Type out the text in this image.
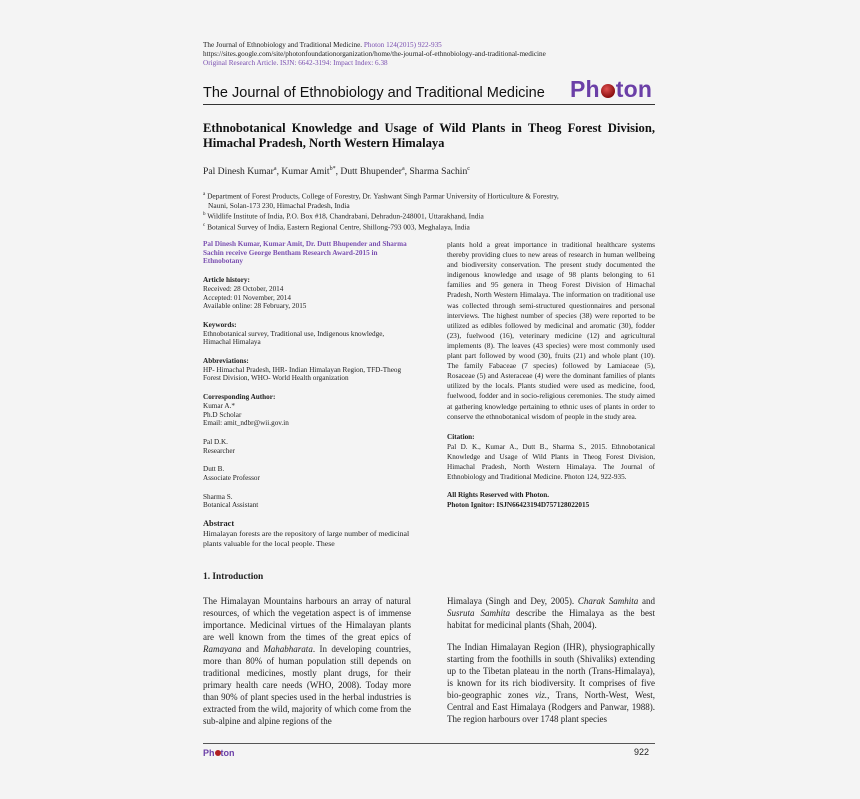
The Journal of Ethnobiology and Traditional Medicine. Photon 124(2015) 922-935
https://sites.google.com/site/photonfoundationorganization/home/the-journal-of-ethnobiology-and-traditional-medicine
Original Research Article. ISJN: 6642-3194: Impact Index: 6.38
The Journal of Ethnobiology and Traditional Medicine Ph ton
Ethnobotanical Knowledge and Usage of Wild Plants in Theog Forest Division, Himachal Pradesh, North Western Himalaya
Pal Dinesh Kumar$^a$, Kumar Amit$^{b*}$, Dutt Bhupender$^a$, Sharma Sachin$^c$

$^a$ Department of Forest Products, College of Forestry, Dr. Yashwant Singh Parmar University of Horticulture & Forestry,

Nauni, Solan-173 230, Himachal Pradesh, India

$^b$ Wildlife Institute of India, P.O. Box #18, Chandrabani, Dehradun-248001, Uttarakhand, India

$^c$ Botanical Survey of India, Eastern Regional Centre, Shillong-793 003, Meghalaya, India

Pal Dinesh Kumar, Kumar Amit, Dr. Dutt Bhupender and Sharma Sachin receive George Bentham Research Award-2015 in Ethnobotany

Article history:

Received: 28 October, 2014

Accepted: 01 November, 2014

Available online: 28 February, 2015

Keywords:

Ethnobotanical survey, Traditional use, Indigenous knowledge, Himachal Himalaya

Abbreviations:

HP- Himachal Pradesh, IHR- Indian Himalayan Region, TFD-Theog Forest Division, WHO- World Health organization

Corresponding Author:

Kumar A.*

Ph.D Scholar

Email: amit_ndbr@wii.gov.in

Pal D.K.

Researcher

Dutt B.

Associate Professor

Sharma S.

Botanical Assistant

Abstract

Himalayan forests are the repository of large number of medicinal plants valuable for the local people. These

plants hold a great importance in traditional healthcare systems thereby providing clues to new areas of research in human wellbeing and biodiversity conservation. The present study documented the indigenous knowledge and usage of 98 plants belonging to 61 families and 95 genera in Theog Forest Division of Himachal Pradesh, North Western Himalaya. The information on traditional use was collected through semi-structured questionnaires and personal interviews. The highest number of species (38) were reported to be utilized as edibles followed by medicinal and aromatic (30), fodder (23), fuelwood (16), veterinary medicine (12) and agricultural implements (8). The leaves (43 species) were most commonly used plant part followed by wood (30), fruits (21) and whole plant (10). The family Fabaceae (7 species) followed by Lamiaceae (5), Rosaceae (5) and Asteraceae (4) were the dominant families of plants utilized by the locals. Plants studied were used as medicine, food, fuelwood, fodder and in socio-religious ceremonies. The study aimed at gathering knowledge pertaining to ethnic uses of plants in order to conserve the ethnobotanical wisdom of people in the study area.

Citation:

Pal D. K., Kumar A., Dutt B., Sharma S., 2015. Ethnobotanical Knowledge and Usage of Wild Plants in Theog Forest Division, Himachal Pradesh, North Western Himalaya. The Journal of Ethnobiology and Traditional Medicine. Photon 124, 922-935.

All Rights Reserved with Photon.

Photon Ignitor: ISJN66423194D757128022015

1. Introduction
The Himalayan Mountains harbours an array of natural resources, of which the vegetation aspect is of immense importance. Medicinal virtues of the Himalayan plants are well known from the times of the great epics of Ramayana and Mahabharata. In developing countries, more than 80% of human population still depends on traditional medicines, mostly plant drugs, for their primary health care needs (WHO, 2008). Today more than 90% of plant species used in the herbal industries is extracted from the wild, majority of which come from the sub-alpine and alpine regions of the
Himalaya (Singh and Dey, 2005). Charak Samhita and Susruta Samhita describe the Himalaya as the best habitat for medicinal plants (Shah, 2004).
The Indian Himalayan Region (IHR), physiographically starting from the foothills in south (Shivaliks) extending up to the Tibetan plateau in the north (Trans-Himalaya), is known for its rich biodiversity. It comprises of five bio-geographic zones viz., Trans, North-West, West, Central and East Himalaya (Rodgers and Panwar, 1988). The region harbours over 1748 plant species
Ph ton	922
